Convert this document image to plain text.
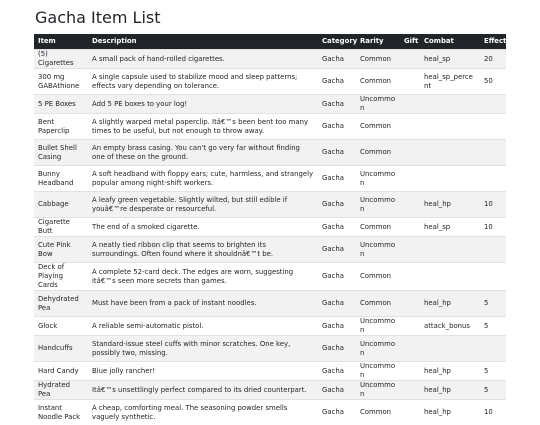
Gacha Item List
Item	Description	Category	Rarity	Gift	Combat	Effect
(5) Cigarettes	A small pack of hand-rolled cigarettes.	Gacha	Common		heal_sp	20
300 mg GABAthione	A single capsule used to stabilize mood and sleep patterns; effects vary depending on tolerance.	Gacha	Common		heal_sp_percent	50
5 PE Boxes	Add 5 PE boxes to your log!	Gacha	Uncommon			
Bent Paperclip	A slightly warped metal paperclip. Itâ€™s been bent too many times to be useful, but not enough to throw away.	Gacha	Common			
Bullet Shell Casing	An empty brass casing. You can't go very far without finding one of these on the ground.	Gacha	Common			
Bunny Headband	A soft headband with floppy ears; cute, harmless, and strangely popular among night-shift workers.	Gacha	Uncommon			
Cabbage	A leafy green vegetable. Slightly wilted, but still edible if youâ€™re desperate or resourceful.	Gacha	Uncommon		heal_hp	10
Cigarette Butt	The end of a smoked cigarette.	Gacha	Common		heal_sp	10
Cute Pink Bow	A neatly tied ribbon clip that seems to brighten its surroundings. Often found where it shouldnâ€™t be.	Gacha	Uncommon			
Deck of Playing Cards	A complete 52-card deck. The edges are worn, suggesting itâ€™s seen more secrets than games.	Gacha	Common			
Dehydrated Pea	Must have been from a pack of instant noodles.	Gacha	Common		heal_hp	5
Glock	A reliable semi-automatic pistol.	Gacha	Uncommon		attack_bonus	5
Handcuffs	Standard-issue steel cuffs with minor scratches. One key, possibly two, missing.	Gacha	Uncommon			
Hard Candy	Blue jolly rancher!	Gacha	Uncommon		heal_hp	5
Hydrated Pea	Itâ€™s unsettlingly perfect compared to its dried counterpart.	Gacha	Uncommon		heal_hp	5
Instant Noodle Pack	A cheap, comforting meal. The seasoning powder smells vaguely synthetic.	Gacha	Common		heal_hp	10
